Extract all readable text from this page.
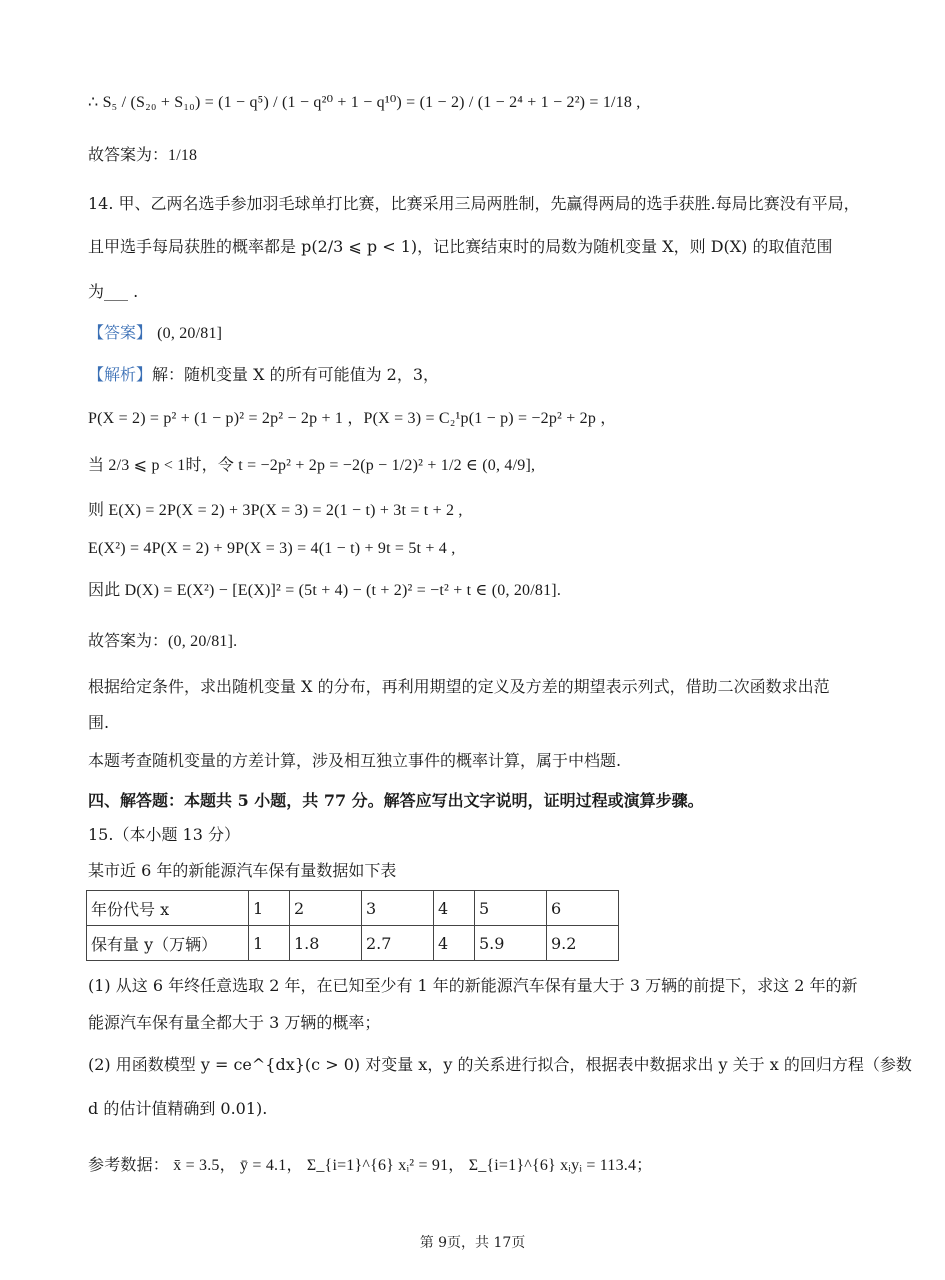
∴ S₅ / (S₂₀ + S₁₀) = (1 − q⁵) / (1 − q²⁰ + 1 − q¹⁰) = (1 − 2) / (1 − 2⁴ + 1 − 2²) = 1/18 ,
故答案为：1/18
14. 甲、乙两名选手参加羽毛球单打比赛，比赛采用三局两胜制，先赢得两局的选手获胜.每局比赛没有平局，
且甲选手每局获胜的概率都是 p(2/3 ⩽ p < 1)，记比赛结束时的局数为随机变量 X，则 D(X) 的取值范围
为___ .
【答案】 (0, 20/81]
【解析】解：随机变量 X 的所有可能值为 2，3，
P(X = 2) = p² + (1 − p)² = 2p² − 2p + 1 ，P(X = 3) = C₂¹p(1 − p) = −2p² + 2p ，
当 2/3 ⩽ p < 1时，令 t = −2p² + 2p = −2(p − 1/2)² + 1/2 ∈ (0, 4/9],
则 E(X) = 2P(X = 2) + 3P(X = 3) = 2(1 − t) + 3t = t + 2 ,
E(X²) = 4P(X = 2) + 9P(X = 3) = 4(1 − t) + 9t = 5t + 4 ,
因此 D(X) = E(X²) − [E(X)]² = (5t + 4) − (t + 2)² = −t² + t ∈ (0, 20/81].
故答案为：(0, 20/81].
根据给定条件，求出随机变量 X 的分布，再利用期望的定义及方差的期望表示列式，借助二次函数求出范
围.
本题考查随机变量的方差计算，涉及相互独立事件的概率计算，属于中档题.
四、解答题：本题共 5 小题，共 77 分。解答应写出文字说明，证明过程或演算步骤。
15.（本小题 13 分）
某市近 6 年的新能源汽车保有量数据如下表
年份代号 x	1	2	3	4	5	6
保有量 y（万辆）	1	1.8	2.7	4	5.9	9.2
(1) 从这 6 年终任意选取 2 年，在已知至少有 1 年的新能源汽车保有量大于 3 万辆的前提下，求这 2 年的新
能源汽车保有量全都大于 3 万辆的概率；
(2) 用函数模型 y = ce^{dx}(c > 0) 对变量 x，y 的关系进行拟合，根据表中数据求出 y 关于 x 的回归方程（参数
d 的估计值精确到 0.01).
参考数据： x̄ = 3.5， ȳ = 4.1， Σ_{i=1}^{6} xᵢ² = 91， Σ_{i=1}^{6} xᵢyᵢ = 113.4；
第 9页，共 17页
